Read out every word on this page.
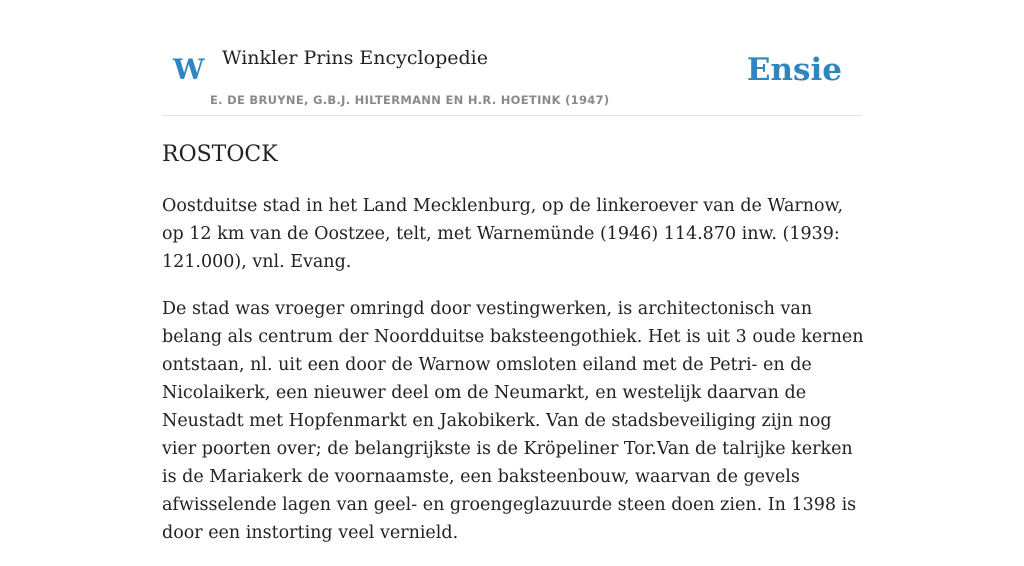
W Winkler Prins Encyclopedie
E. DE BRUYNE, G.B.J. HILTERMANN EN H.R. HOETINK (1947)
Ensie
ROSTOCK

Oostduitse stad in het Land Mecklenburg, op de linkeroever van de Warnow, op 12 km van de Oostzee, telt, met Warnemünde (1946) 114.870 inw. (1939: 121.000), vnl. Evang.

De stad was vroeger omringd door vestingwerken, is architectonisch van belang als centrum der Noordduitse baksteengothiek. Het is uit 3 oude kernen ontstaan, nl. uit een door de Warnow omsloten eiland met de Petri- en de Nicolaikerk, een nieuwer deel om de Neumarkt, en westelijk daarvan de Neustadt met Hopfenmarkt en Jakobikerk. Van de stadsbeveiliging zijn nog vier poorten over; de belangrijkste is de Kröpeliner Tor.Van de talrijke kerken is de Mariakerk de voornaamste, een baksteenbouw, waarvan de gevels afwisselende lagen van geel- en groengeglazuurde steen doen zien. In 1398 is door een instorting veel vernield.
